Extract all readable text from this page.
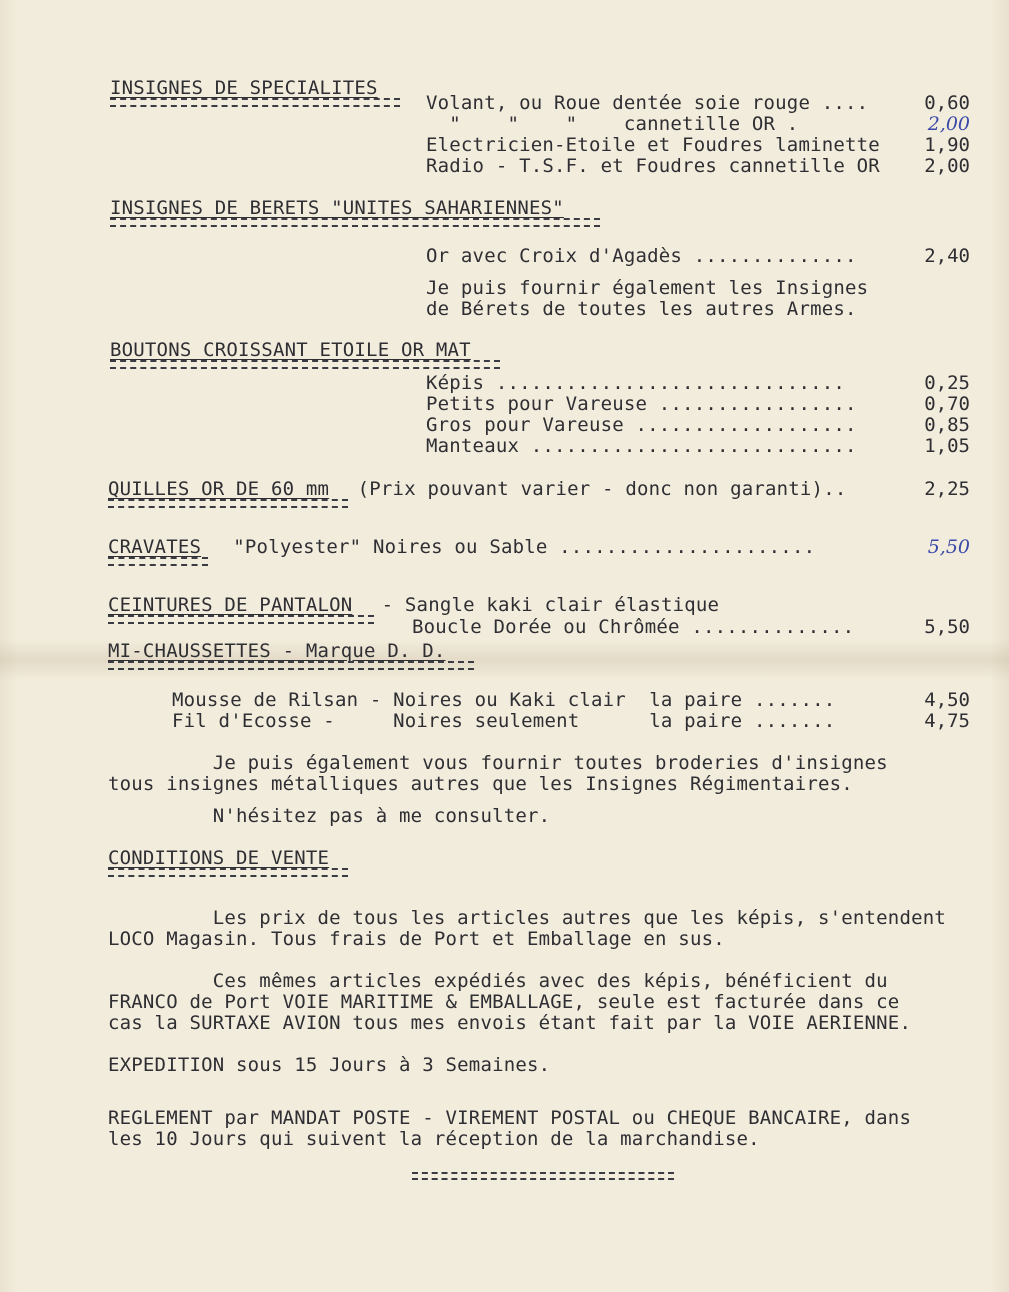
INSIGNES DE SPECIALITES
Volant, ou Roue dentée soie rouge ....	0,60
"    "    "    cannetille OR .	2,00
Electricien-Etoile et Foudres laminette	1,90
Radio - T.S.F. et Foudres cannetille OR	2,00
INSIGNES DE BERETS "UNITES SAHARIENNES"
Or avec Croix d'Agadès ..............	2,40
Je puis fournir également les Insignes
de Bérets de toutes les autres Armes.
BOUTONS CROISSANT ETOILE OR MAT
Képis ..............................	0,25
Petits pour Vareuse .................	0,70
Gros pour Vareuse ...................	0,85
Manteaux ............................	1,05
QUILLES OR DE 60 mm (Prix pouvant varier - donc non garanti)..	2,25
CRAVATES "Polyester" Noires ou Sable ......................	5,50
CEINTURES DE PANTALON - Sangle kaki clair élastique
Boucle Dorée ou Chrômée ..............	5,50
MI-CHAUSSETTES - Marque D. D.
Mousse de Rilsan - Noires ou Kaki clair  la paire .......	4,50
Fil d'Ecosse -     Noires seulement      la paire .......	4,75
Je puis également vous fournir toutes broderies d'insignes
tous insignes métalliques autres que les Insignes Régimentaires.
N'hésitez pas à me consulter.
CONDITIONS DE VENTE
Les prix de tous les articles autres que les képis, s'entendent
LOCO Magasin. Tous frais de Port et Emballage en sus.
Ces mêmes articles expédiés avec des képis, bénéficient du
FRANCO de Port VOIE MARITIME & EMBALLAGE, seule est facturée dans ce
cas la SURTAXE AVION tous mes envois étant fait par la VOIE AERIENNE.
EXPEDITION sous 15 Jours à 3 Semaines.
REGLEMENT par MANDAT POSTE - VIREMENT POSTAL ou CHEQUE BANCAIRE, dans
les 10 Jours qui suivent la réception de la marchandise.
